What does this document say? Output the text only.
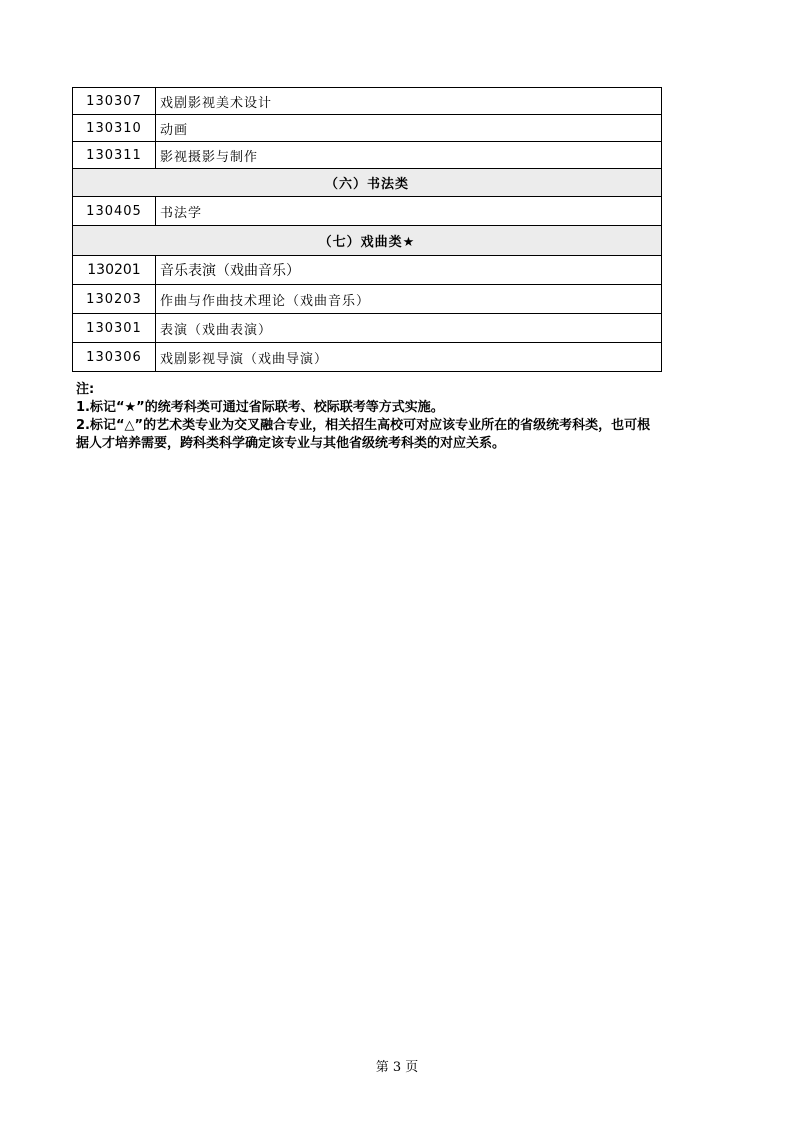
130307	戏剧影视美术设计
130310	动画
130311	影视摄影与制作
（六）书法类	
130405	书法学
（七）戏曲类★	
130201	音乐表演（戏曲音乐）
130203	作曲与作曲技术理论（戏曲音乐）
130301	表演（戏曲表演）
130306	戏剧影视导演（戏曲导演）
注:
1.标记“★”的统考科类可通过省际联考、校际联考等方式实施。
2.标记“△”的艺术类专业为交叉融合专业，相关招生高校可对应该专业所在的省级统考科类，也可根据人才培养需要，跨科类科学确定该专业与其他省级统考科类的对应关系。
第 3 页
